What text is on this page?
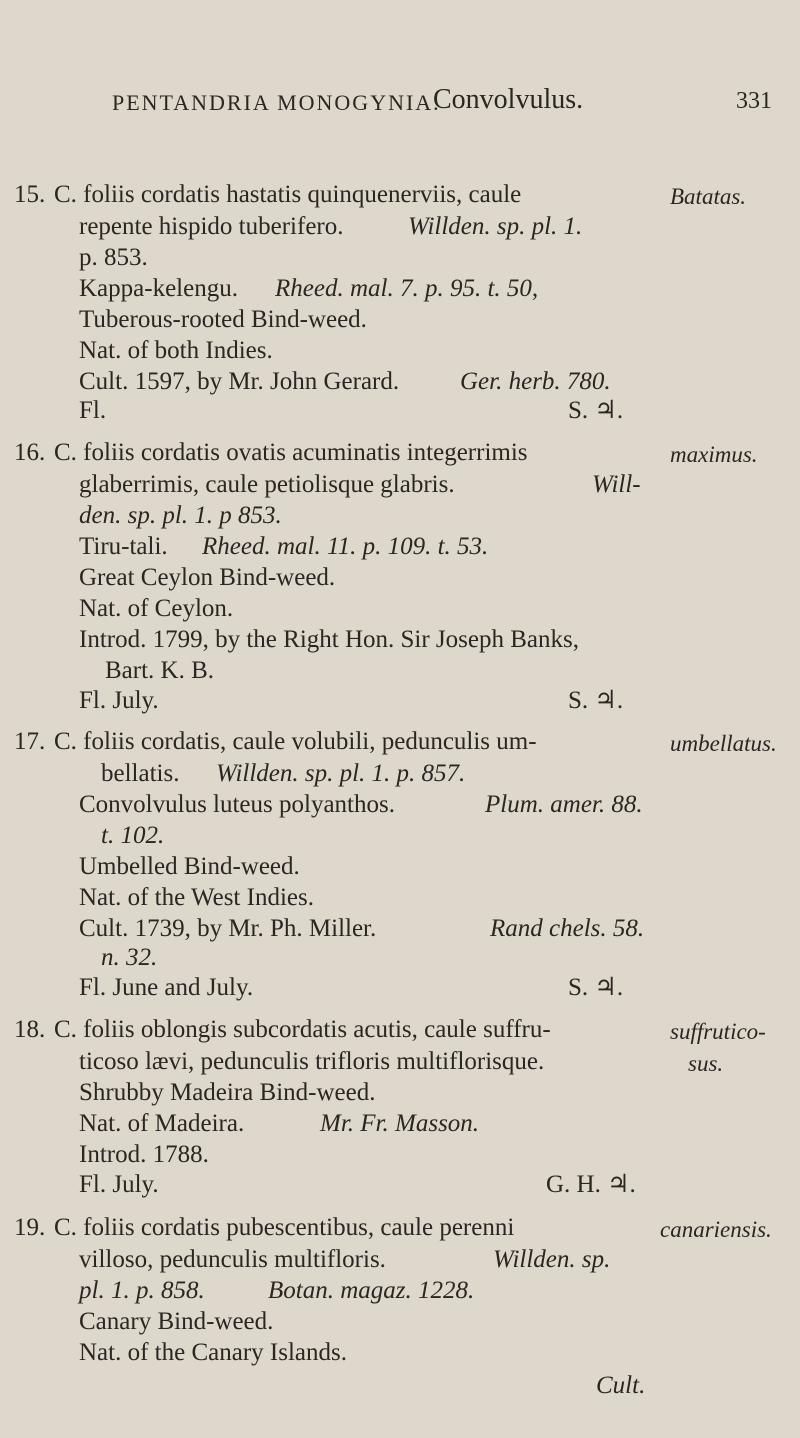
PENTANDRIA MONOGYNIA.
Convolvulus.	331
15. C. foliis cordatis hastatis quinquenerviis, caule	Batatas.
repente hispido tuberifero.	Willden. sp. pl. 1.
p. 853.
Kappa-kelengu. Rheed. mal. 7. p. 95. t. 50,
Tuberous-rooted Bind-weed.
Nat. of both Indies.
Cult. 1597, by Mr. John Gerard. Ger. herb. 780.
Fl.	S. ♃.
16. C. foliis cordatis ovatis acuminatis integerrimis	maximus.
glaberrimis, caule petiolisque glabris.	Will-
den. sp. pl. 1. p 853.
Tiru-tali. Rheed. mal. 11. p. 109. t. 53.
Great Ceylon Bind-weed.
Nat. of Ceylon.
Introd. 1799, by the Right Hon. Sir Joseph Banks,
Bart. K. B.
Fl. July.	S. ♃.
17. C. foliis cordatis, caule volubili, pedunculis um-	umbellatus.
bellatis. Willden. sp. pl. 1. p. 857.
Convolvulus luteus polyanthos.	Plum. amer. 88.
t. 102.
Umbelled Bind-weed.
Nat. of the West Indies.
Cult. 1739, by Mr. Ph. Miller.	Rand chels. 58.
n. 32.
Fl. June and July.	S. ♃.
18. C. foliis oblongis subcordatis acutis, caule suffru-	suffrutico-
ticoso lævi, pedunculis trifloris multiflorisque.	sus.
Shrubby Madeira Bind-weed.
Nat. of Madeira.	Mr. Fr. Masson.
Introd. 1788.
Fl. July.	G. H. ♃.
19. C. foliis cordatis pubescentibus, caule perenni	canariensis.
villoso, pedunculis multifloris.	Willden. sp.
pl. 1. p. 858.	Botan. magaz. 1228.
Canary Bind-weed.
Nat. of the Canary Islands.
Cult.
